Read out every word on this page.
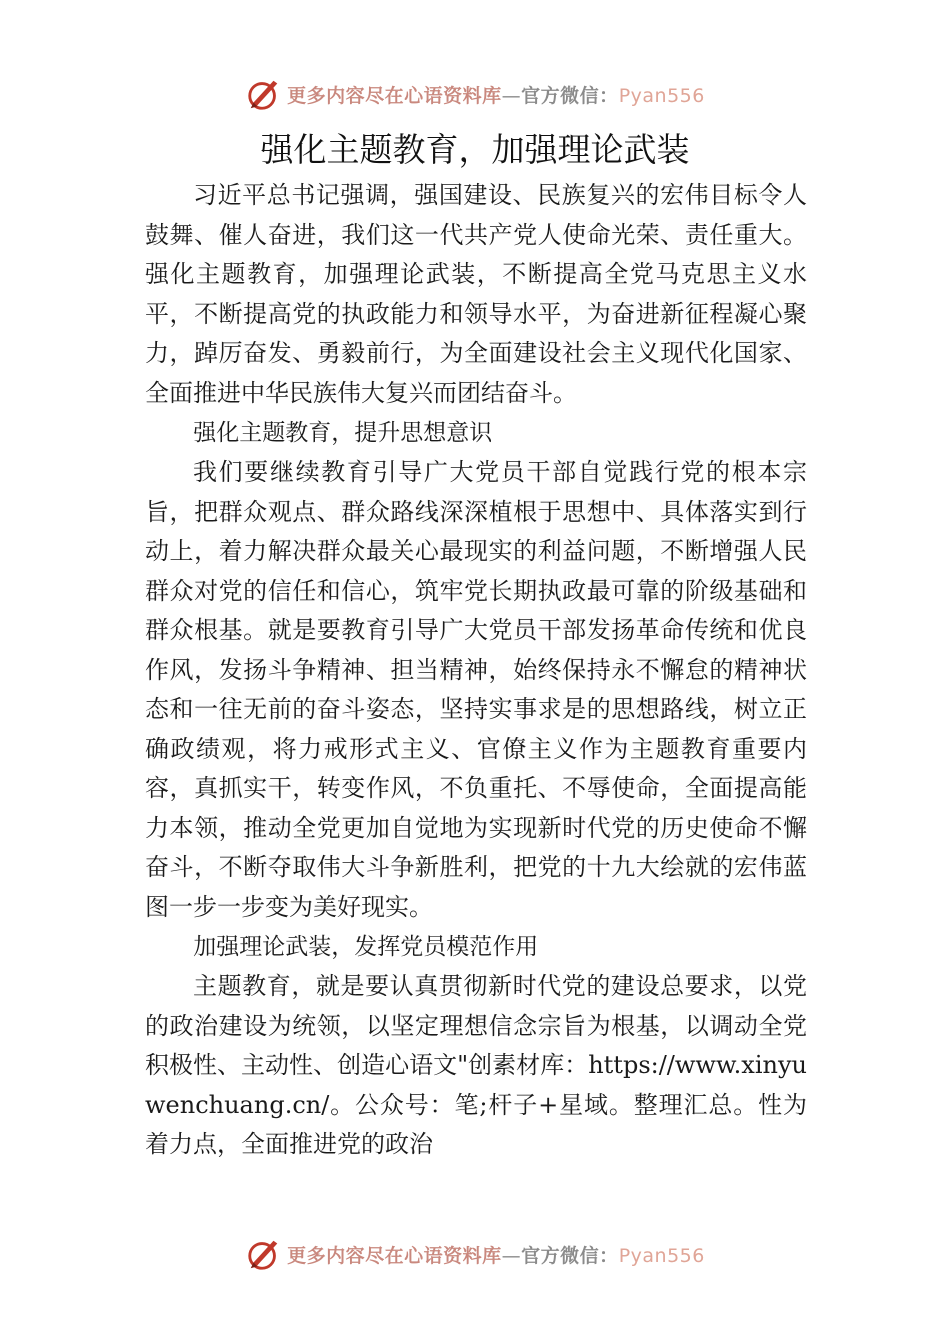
更多内容尽在心语资料库—官方微信：Pyan556
强化主题教育，加强理论武装

习近平总书记强调，强国建设、民族复兴的宏伟目标令人鼓舞、催人奋进，我们这一代共产党人使命光荣、责任重大。强化主题教育，加强理论武装，不断提高全党马克思主义水平，不断提高党的执政能力和领导水平，为奋进新征程凝心聚力，踔厉奋发、勇毅前行，为全面建设社会主义现代化国家、全面推进中华民族伟大复兴而团结奋斗。

强化主题教育，提升思想意识

我们要继续教育引导广大党员干部自觉践行党的根本宗旨，把群众观点、群众路线深深植根于思想中、具体落实到行动上，着力解决群众最关心最现实的利益问题，不断增强人民群众对党的信任和信心，筑牢党长期执政最可靠的阶级基础和群众根基。就是要教育引导广大党员干部发扬革命传统和优良作风，发扬斗争精神、担当精神，始终保持永不懈怠的精神状态和一往无前的奋斗姿态，坚持实事求是的思想路线，树立正确政绩观，将力戒形式主义、官僚主义作为主题教育重要内容，真抓实干，转变作风，不负重托、不辱使命，全面提高能力本领，推动全党更加自觉地为实现新时代党的历史使命不懈奋斗，不断夺取伟大斗争新胜利，把党的十九大绘就的宏伟蓝图一步一步变为美好现实。

加强理论武装，发挥党员模范作用

主题教育，就是要认真贯彻新时代党的建设总要求，以党的政治建设为统领，以坚定理想信念宗旨为根基，以调动全党积极性、主动性、创造心语文"创素材库：https://www.xinyuwenchuang.cn/。公众号：笔;杆子+星域。整理汇总。性为着力点，全面推进党的政治

更多内容尽在心语资料库—官方微信：Pyan556
